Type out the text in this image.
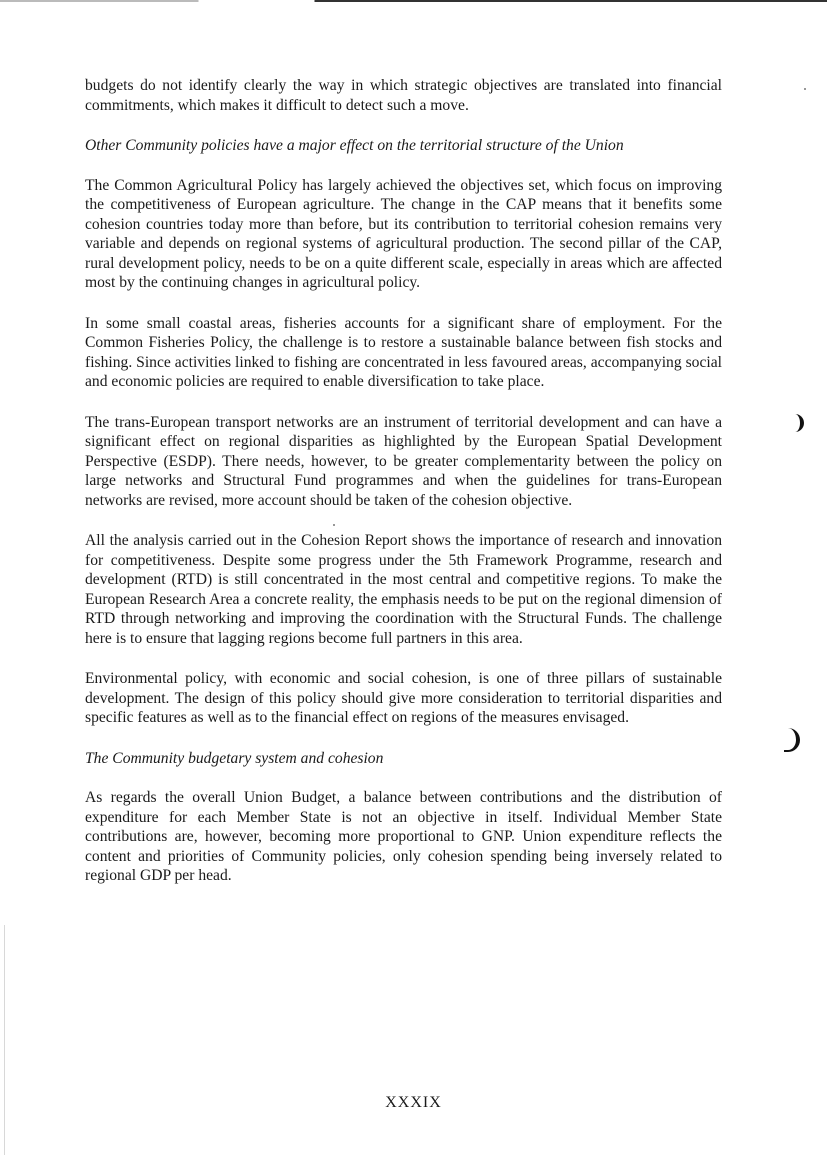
budgets do not identify clearly the way in which strategic objectives are translated into financial commitments, which makes it difficult to detect such a move.

Other Community policies have a major effect on the territorial structure of the Union

The Common Agricultural Policy has largely achieved the objectives set, which focus on improving the competitiveness of European agriculture. The change in the CAP means that it benefits some cohesion countries today more than before, but its contribution to territorial cohesion remains very variable and depends on regional systems of agricultural production. The second pillar of the CAP, rural development policy, needs to be on a quite different scale, especially in areas which are affected most by the continuing changes in agricultural policy.

In some small coastal areas, fisheries accounts for a significant share of employment. For the Common Fisheries Policy, the challenge is to restore a sustainable balance between fish stocks and fishing. Since activities linked to fishing are concentrated in less favoured areas, accompanying social and economic policies are required to enable diversification to take place.

The trans-European transport networks are an instrument of territorial development and can have a significant effect on regional disparities as highlighted by the European Spatial Development Perspective (ESDP). There needs, however, to be greater complementarity between the policy on large networks and Structural Fund programmes and when the guidelines for trans-European networks are revised, more account should be taken of the cohesion objective.

All the analysis carried out in the Cohesion Report shows the importance of research and innovation for competitiveness. Despite some progress under the 5th Framework Programme, research and development (RTD) is still concentrated in the most central and competitive regions. To make the European Research Area a concrete reality, the emphasis needs to be put on the regional dimension of RTD through networking and improving the coordination with the Structural Funds. The challenge here is to ensure that lagging regions become full partners in this area.

Environmental policy, with economic and social cohesion, is one of three pillars of sustainable development. The design of this policy should give more consideration to territorial disparities and specific features as well as to the financial effect on regions of the measures envisaged.

The Community budgetary system and cohesion

As regards the overall Union Budget, a balance between contributions and the distribution of expenditure for each Member State is not an objective in itself. Individual Member State contributions are, however, becoming more proportional to GNP. Union expenditure reflects the content and priorities of Community policies, only cohesion spending being inversely related to regional GDP per head.

XXXIX
